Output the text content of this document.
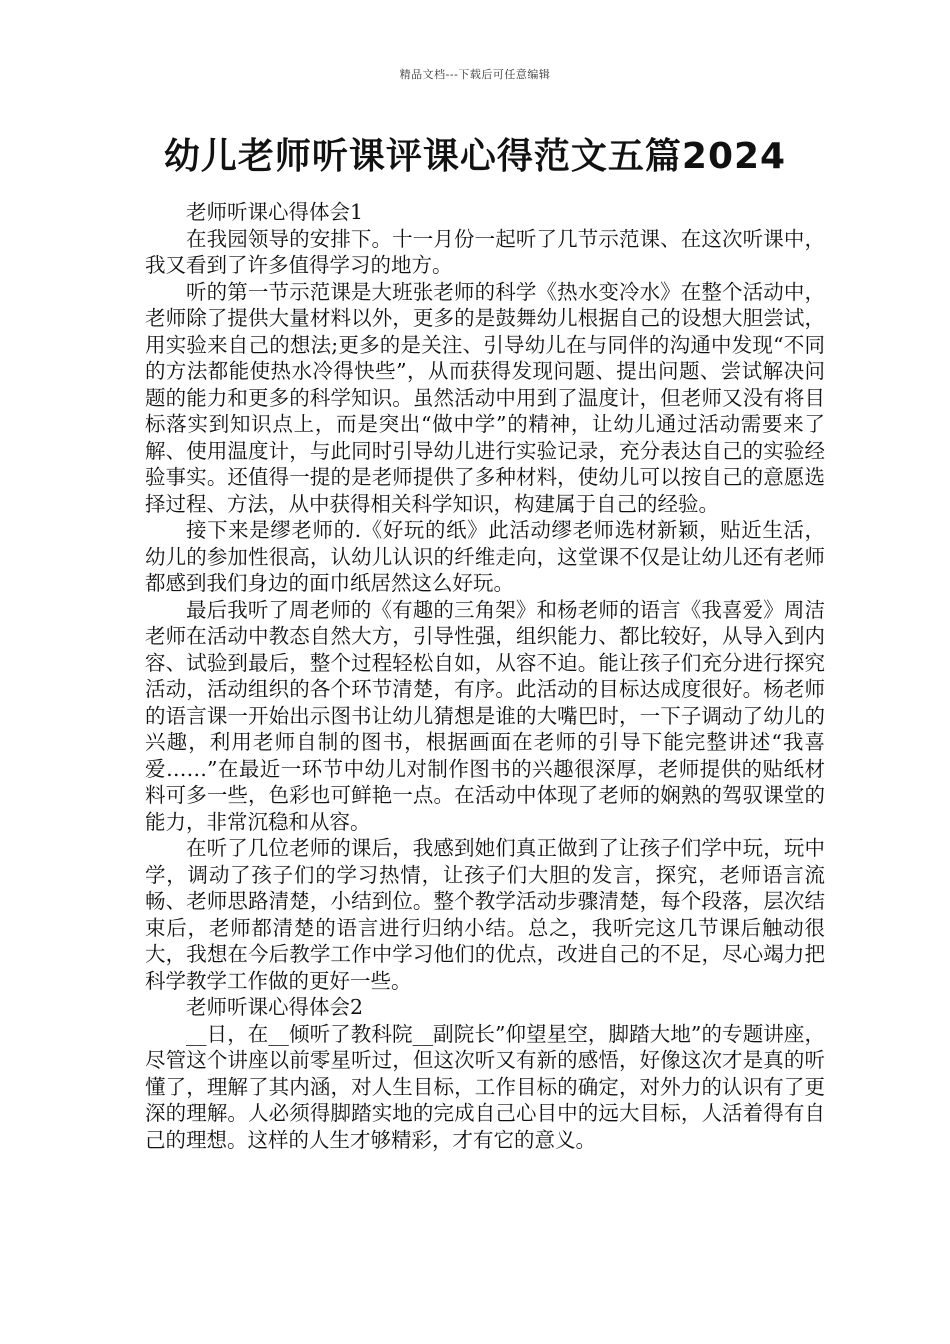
精品文档---下载后可任意编辑
幼儿老师听课评课心得范文五篇2024

老师听课心得体会1

在我园领导的安排下。十一月份一起听了几节示范课、在这次听课中，我又看到了许多值得学习的地方。

听的第一节示范课是大班张老师的科学《热水变冷水》在整个活动中，老师除了提供大量材料以外，更多的是鼓舞幼儿根据自己的设想大胆尝试，用实验来自己的想法;更多的是关注、引导幼儿在与同伴的沟通中发现“不同的方法都能使热水冷得快些”，从而获得发现问题、提出问题、尝试解决问题的能力和更多的科学知识。虽然活动中用到了温度计，但老师又没有将目标落实到知识点上，而是突出“做中学”的精神，让幼儿通过活动需要来了解、使用温度计，与此同时引导幼儿进行实验记录，充分表达自己的实验经验事实。还值得一提的是老师提供了多种材料，使幼儿可以按自己的意愿选择过程、方法，从中获得相关科学知识，构建属于自己的经验。

接下来是缪老师的.《好玩的纸》此活动缪老师选材新颖，贴近生活，幼儿的参加性很高，认幼儿认识的纤维走向，这堂课不仅是让幼儿还有老师都感到我们身边的面巾纸居然这么好玩。

最后我听了周老师的《有趣的三角架》和杨老师的语言《我喜爱》周洁老师在活动中教态自然大方，引导性强，组织能力、都比较好，从导入到内容、试验到最后，整个过程轻松自如，从容不迫。能让孩子们充分进行探究活动，活动组织的各个环节清楚，有序。此活动的目标达成度很好。杨老师的语言课一开始出示图书让幼儿猜想是谁的大嘴巴时，一下子调动了幼儿的兴趣，利用老师自制的图书，根据画面在老师的引导下能完整讲述“我喜爱……”在最近一环节中幼儿对制作图书的兴趣很深厚，老师提供的贴纸材料可多一些，色彩也可鲜艳一点。在活动中体现了老师的娴熟的驾驭课堂的能力，非常沉稳和从容。

在听了几位老师的课后，我感到她们真正做到了让孩子们学中玩，玩中学，调动了孩子们的学习热情，让孩子们大胆的发言，探究，老师语言流畅、老师思路清楚，小结到位。整个教学活动步骤清楚，每个段落，层次结束后，老师都清楚的语言进行归纳小结。总之，我听完这几节课后触动很大，我想在今后教学工作中学习他们的优点，改进自己的不足，尽心竭力把科学教学工作做的更好一些。

老师听课心得体会2

__日，在__倾听了教科院__副院长”仰望星空，脚踏大地”的专题讲座，尽管这个讲座以前零星听过，但这次听又有新的感悟，好像这次才是真的听懂了，理解了其内涵，对人生目标，工作目标的确定，对外力的认识有了更深的理解。人必须得脚踏实地的完成自己心目中的远大目标，人活着得有自己的理想。这样的人生才够精彩，才有它的意义。
